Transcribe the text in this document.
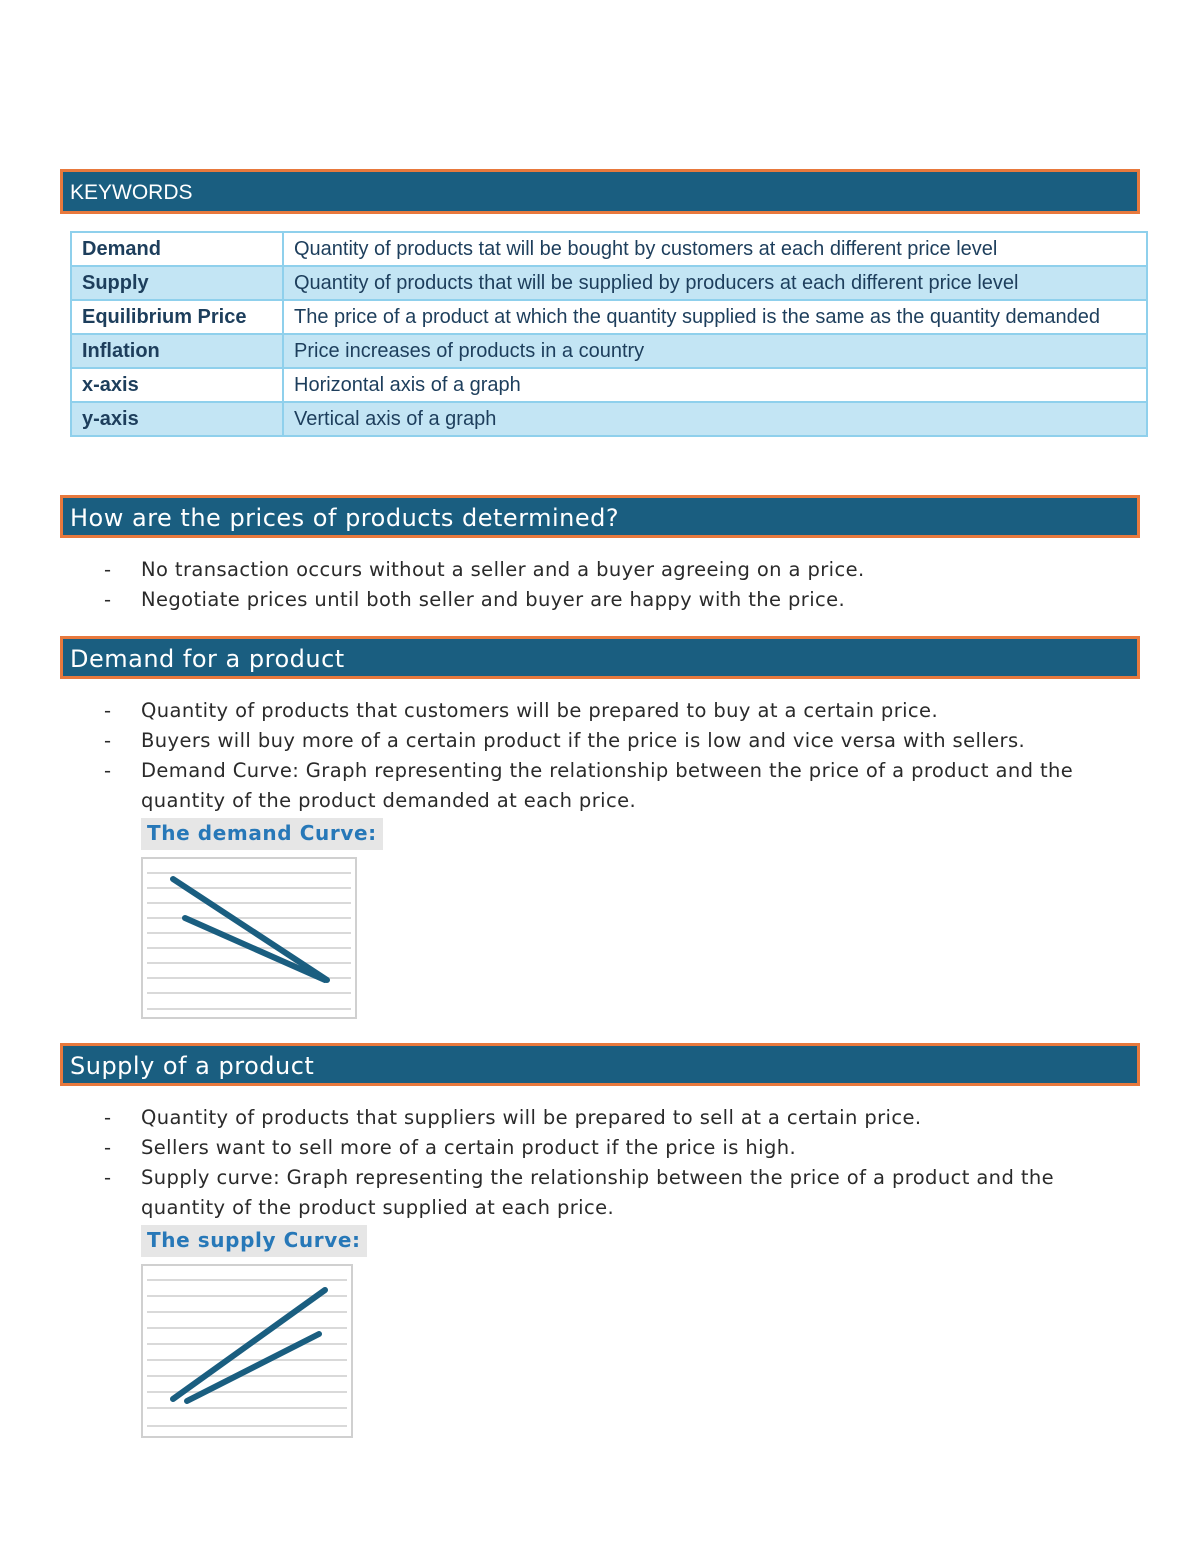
KEYWORDS
Demand	Quantity of products tat will be bought by customers at each different price level
Supply	Quantity of products that will be supplied by producers at each different price level
Equilibrium Price	The price of a product at which the quantity supplied is the same as the quantity demanded
Inflation	Price increases of products in a country
x-axis	Horizontal axis of a graph
y-axis	Vertical axis of a graph
How are the prices of products determined?
- No transaction occurs without a seller and a buyer agreeing on a price.
- Negotiate prices until both seller and buyer are happy with the price.
Demand for a product
- Quantity of products that customers will be prepared to buy at a certain price.
- Buyers will buy more of a certain product if the price is low and vice versa with sellers.
- Demand Curve: Graph representing the relationship between the price of a product and the quantity of the product demanded at each price.
The demand Curve:
Supply of a product
- Quantity of products that suppliers will be prepared to sell at a certain price.
- Sellers want to sell more of a certain product if the price is high.
- Supply curve: Graph representing the relationship between the price of a product and the quantity of the product supplied at each price.
The supply Curve:
